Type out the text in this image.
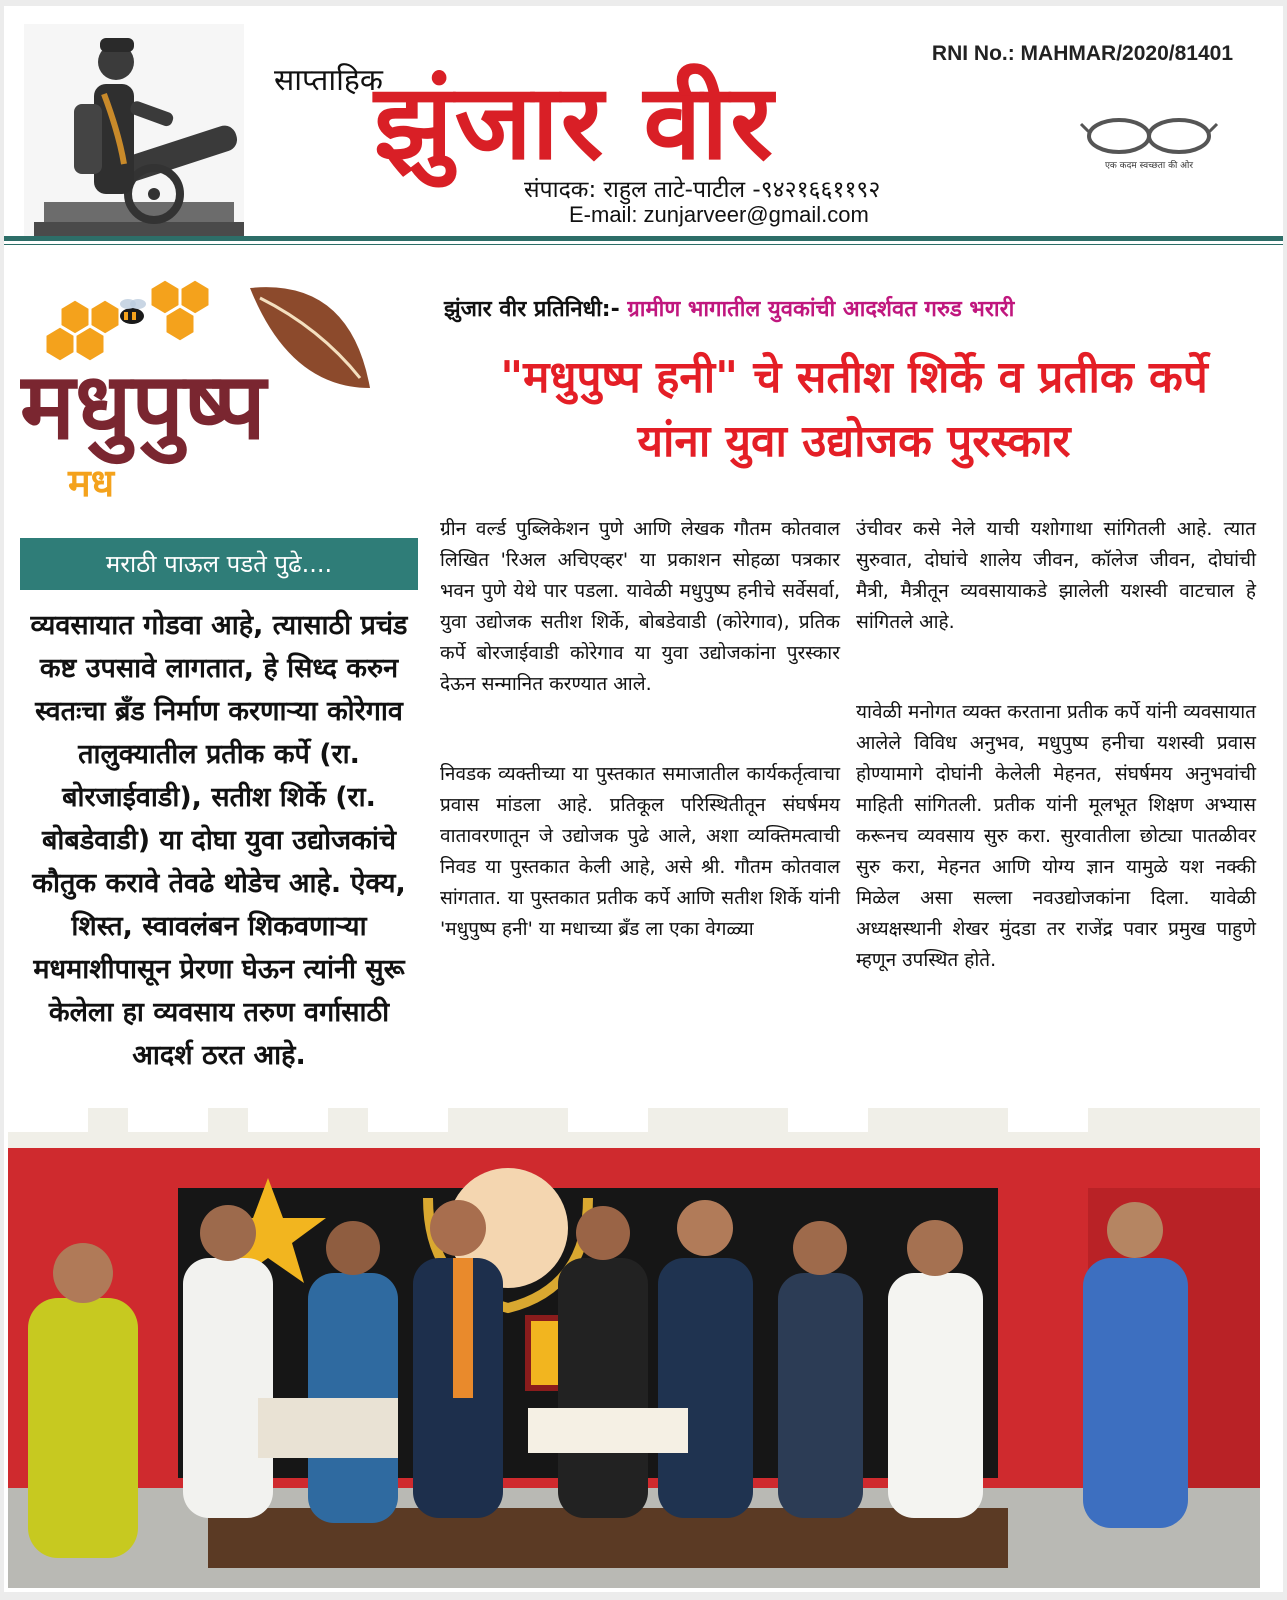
RNI No.: MAHMAR/2020/81401
साप्ताहिक
झुंजार वीर
संपादक: राहुल ताटे-पाटील -९४२१६६११९२
E-mail: zunjarveer@gmail.com
एक कदम स्वच्छता की ओर
मधुपुष्प
मध
मराठी पाऊल पडते पुढे....
व्यवसायात गोडवा आहे, त्यासाठी प्रचंड कष्ट उपसावे लागतात, हे सिध्द करुन स्वतःचा ब्रँड निर्माण करणाऱ्या कोरेगाव तालुक्यातील प्रतीक कर्पे (रा. बोरजाईवाडी), सतीश शिर्के (रा. बोबडेवाडी) या दोघा युवा उद्योजकांचे कौतुक करावे तेवढे थोडेच आहे. ऐक्य, शिस्त, स्वावलंबन शिकवणाऱ्या मधमाशीपासून प्रेरणा घेऊन त्यांनी सुरू केलेला हा व्यवसाय तरुण वर्गासाठी आदर्श ठरत आहे.
झुंजार वीर प्रतिनिधी:- ग्रामीण भागातील युवकांची आदर्शवत गरुड भरारी
"मधुपुष्प हनी" चे सतीश शिर्के व प्रतीक कर्पे
यांना युवा उद्योजक पुरस्कार

ग्रीन वर्ल्ड पुब्लिकेशन पुणे आणि लेखक गौतम कोतवाल लिखित 'रिअल अचिएव्हर' या प्रकाशन सोहळा पत्रकार भवन पुणे येथे पार पडला. यावेळी मधुपुष्प हनीचे सर्वेसर्वा, युवा उद्योजक सतीश शिर्के, बोबडेवाडी (कोरेगाव), प्रतिक कर्पे बोरजाईवाडी कोरेगाव या युवा उद्योजकांना पुरस्कार देऊन सन्मानित करण्यात आले.

निवडक व्यक्तीच्या या पुस्तकात समाजातील कार्यकर्तृत्वाचा प्रवास मांडला आहे. प्रतिकूल परिस्थितीतून संघर्षमय वातावरणातून जे उद्योजक पुढे आले, अशा व्यक्तिमत्वाची निवड या पुस्तकात केली आहे, असे श्री. गौतम कोतवाल सांगतात. या पुस्तकात प्रतीक कर्पे आणि सतीश शिर्के यांनी 'मधुपुष्प हनी' या मधाच्या ब्रँड ला एका वेगळ्या

उंचीवर कसे नेले याची यशोगाथा सांगितली आहे. त्यात सुरुवात, दोघांचे शालेय जीवन, कॉलेज जीवन, दोघांची मैत्री, मैत्रीतून व्यवसायाकडे झालेली यशस्वी वाटचाल हे सांगितले आहे.

यावेळी मनोगत व्यक्त करताना प्रतीक कर्पे यांनी व्यवसायात आलेले विविध अनुभव, मधुपुष्प हनीचा यशस्वी प्रवास होण्यामागे दोघांनी केलेली मेहनत, संघर्षमय अनुभवांची माहिती सांगितली. प्रतीक यांनी मूलभूत शिक्षण अभ्यास करूनच व्यवसाय सुरु करा. सुरवातीला छोट्या पातळीवर सुरु करा, मेहनत आणि योग्य ज्ञान यामुळे यश नक्की मिळेल असा सल्ला नवउद्योजकांना दिला. यावेळी अध्यक्षस्थानी शेखर मुंदडा तर राजेंद्र पवार प्रमुख पाहुणे म्हणून उपस्थित होते.
